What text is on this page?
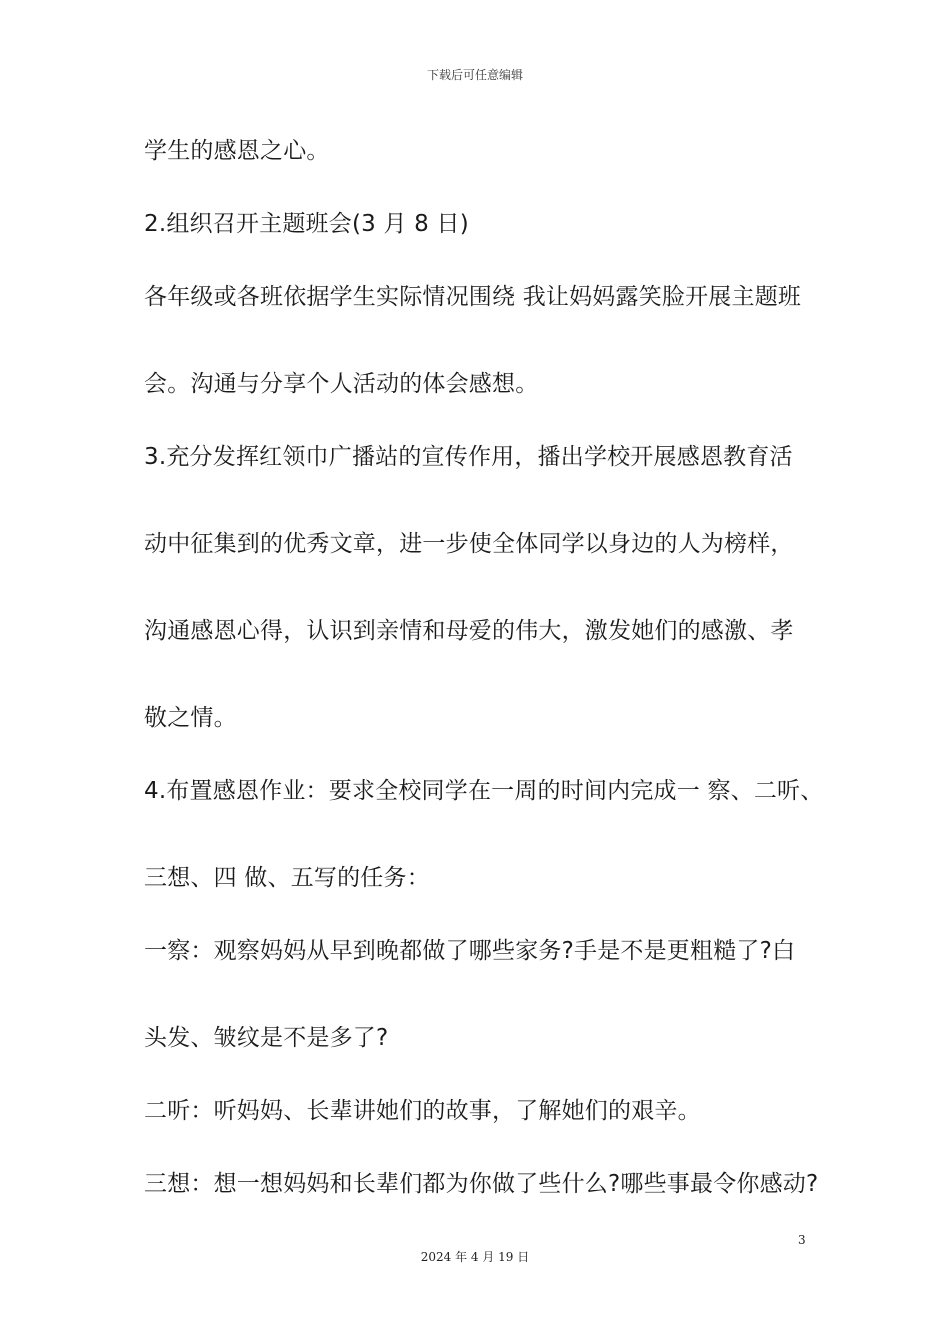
下载后可任意编辑
学生的感恩之心。
2.组织召开主题班会(3 月 8 日)
各年级或各班依据学生实际情况围绕 我让妈妈露笑脸开展主题班
会。沟通与分享个人活动的体会感想。
3.充分发挥红领巾广播站的宣传作用，播出学校开展感恩教育活
动中征集到的优秀文章，进一步使全体同学以身边的人为榜样，
沟通感恩心得，认识到亲情和母爱的伟大，激发她们的感激、孝
敬之情。
4.布置感恩作业：要求全校同学在一周的时间内完成一 察、二听、
三想、四 做、五写的任务：
一察：观察妈妈从早到晚都做了哪些家务?手是不是更粗糙了?白
头发、皱纹是不是多了?
二听：听妈妈、长辈讲她们的故事，了解她们的艰辛。
三想：想一想妈妈和长辈们都为你做了些什么?哪些事最令你感动?
3
2024 年 4 月 19 日
